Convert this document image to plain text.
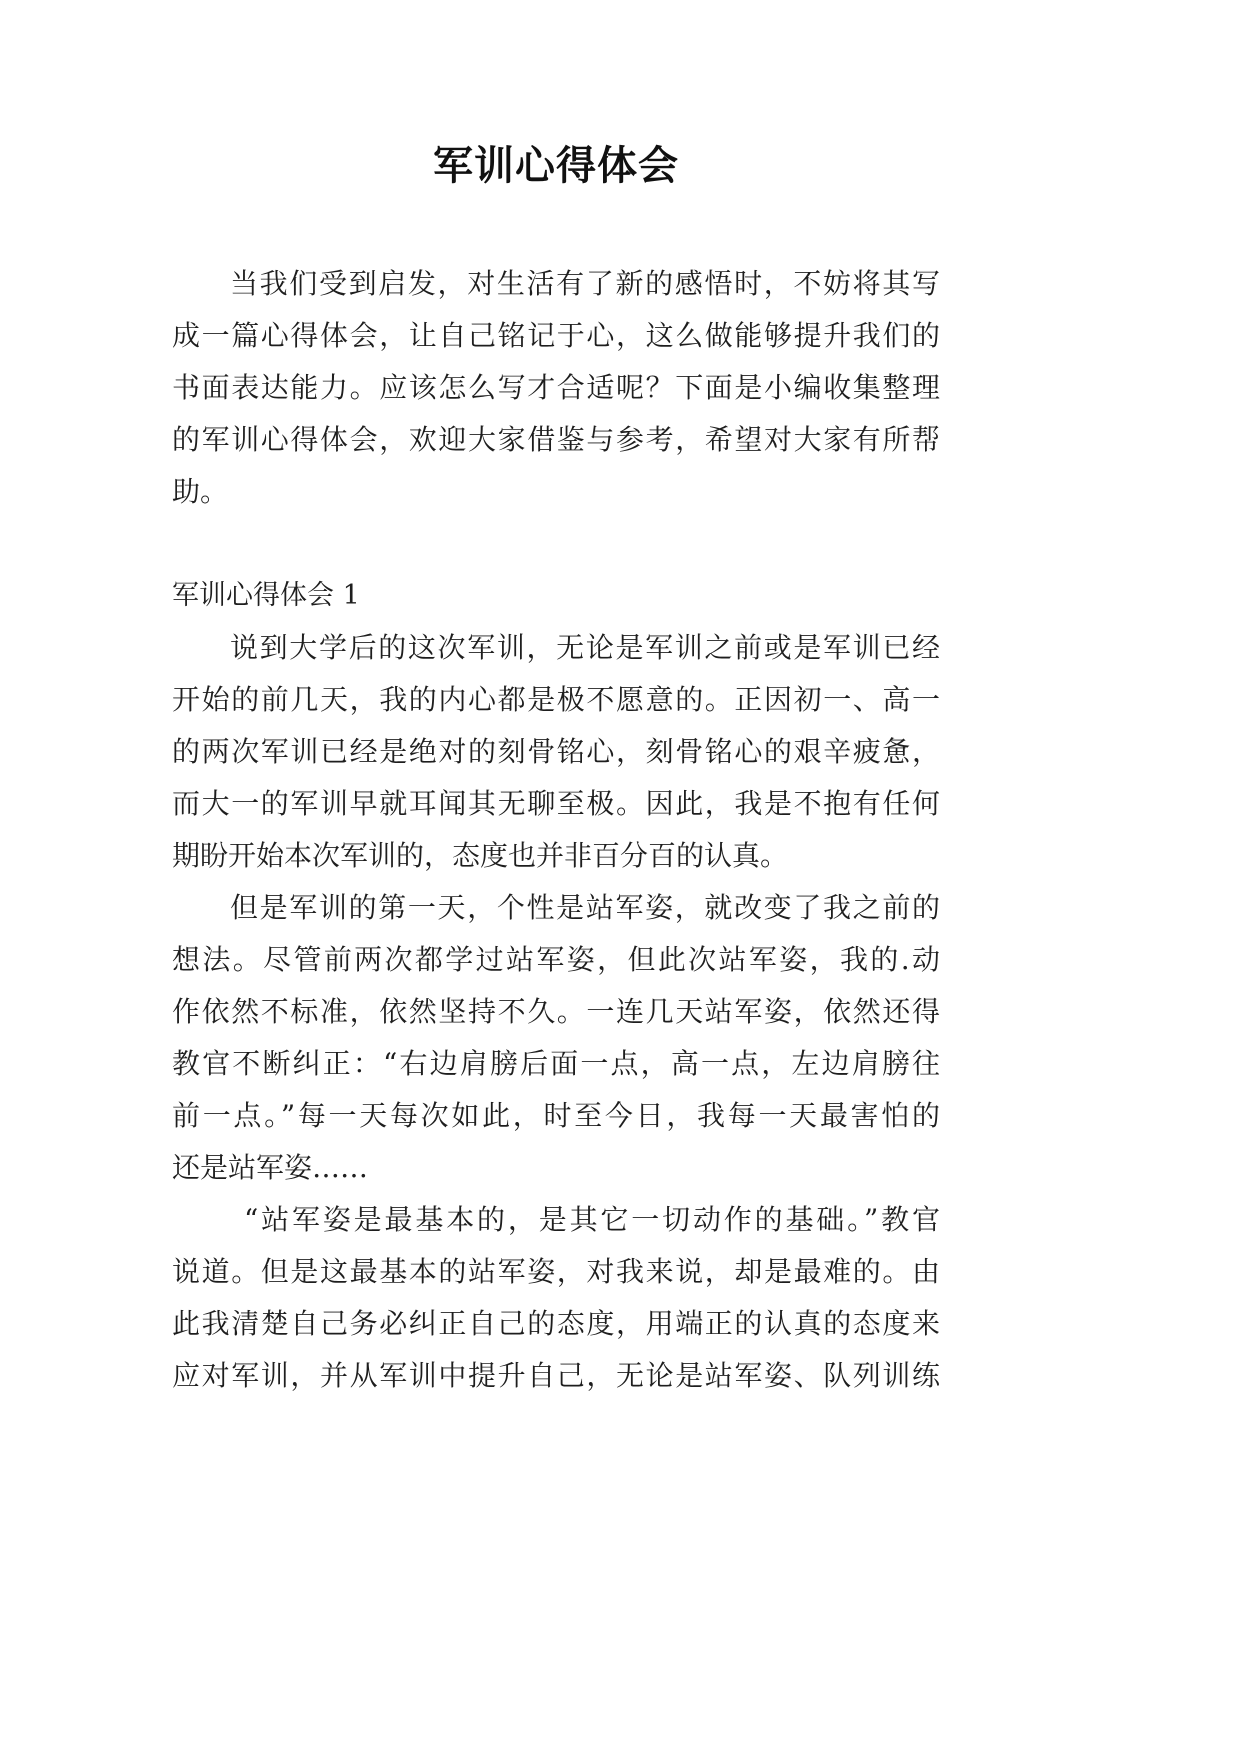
军训心得体会
当我们受到启发，对生活有了新的感悟时，不妨将其写
成一篇心得体会，让自己铭记于心，这么做能够提升我们的
书面表达能力。应该怎么写才合适呢？下面是小编收集整理
的军训心得体会，欢迎大家借鉴与参考，希望对大家有所帮
助。
军训心得体会 1
说到大学后的这次军训，无论是军训之前或是军训已经
开始的前几天，我的内心都是极不愿意的。正因初一、高一
的两次军训已经是绝对的刻骨铭心，刻骨铭心的艰辛疲惫，
而大一的军训早就耳闻其无聊至极。因此，我是不抱有任何
期盼开始本次军训的，态度也并非百分百的认真。
但是军训的第一天，个性是站军姿，就改变了我之前的
想法。尽管前两次都学过站军姿，但此次站军姿，我的.动
作依然不标准，依然坚持不久。一连几天站军姿，依然还得
教官不断纠正：“右边肩膀后面一点，高一点，左边肩膀往
前一点。”每一天每次如此，时至今日，我每一天最害怕的
还是站军姿……
“站军姿是最基本的，是其它一切动作的基础。”教官
说道。但是这最基本的站军姿，对我来说，却是最难的。由
此我清楚自己务必纠正自己的态度，用端正的认真的态度来
应对军训，并从军训中提升自己，无论是站军姿、队列训练
